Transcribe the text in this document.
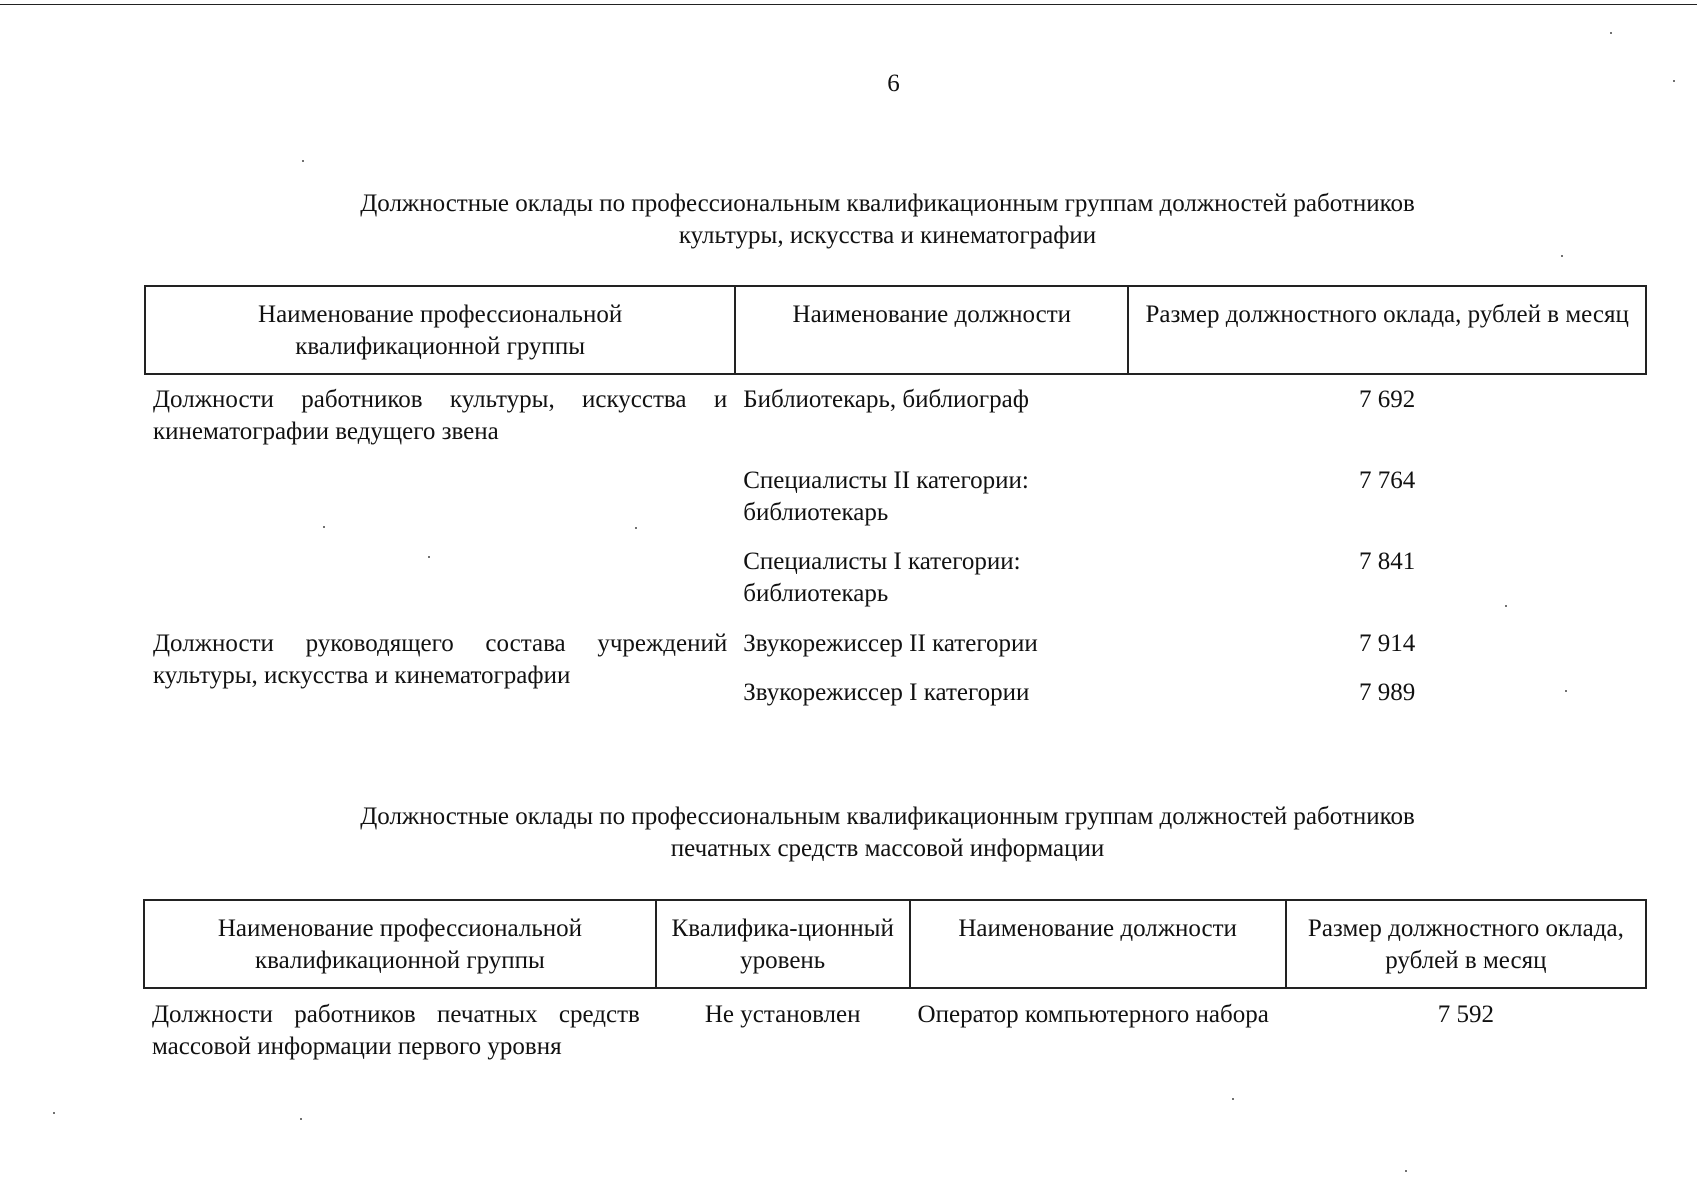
6
Должностные оклады по профессиональным квалификационным группам должностей работников
культуры, искусства и кинематографии
Наименование профессиональной квалификационной группы	Наименование должности	Размер должностного оклада, рублей в месяц
Должности работников культуры, искусства и кинематографии ведущего звена	Библиотекарь, библиограф	7 692
	Специалисты II категории: библиотекарь	7 764
	Специалисты I категории: библиотекарь	7 841
Должности руководящего состава учреждений культуры, искусства и кинематографии	Звукорежиссер II категории	7 914
	Звукорежиссер I категории	7 989
Должностные оклады по профессиональным квалификационным группам должностей работников
печатных средств массовой информации
Наименование профессиональной квалификационной группы	Квалифика-ционный уровень	Наименование должности	Размер должностного оклада, рублей в месяц
Должности работников печатных средств массовой информации первого уровня	Не установлен	Оператор компьютерного набора	7 592
